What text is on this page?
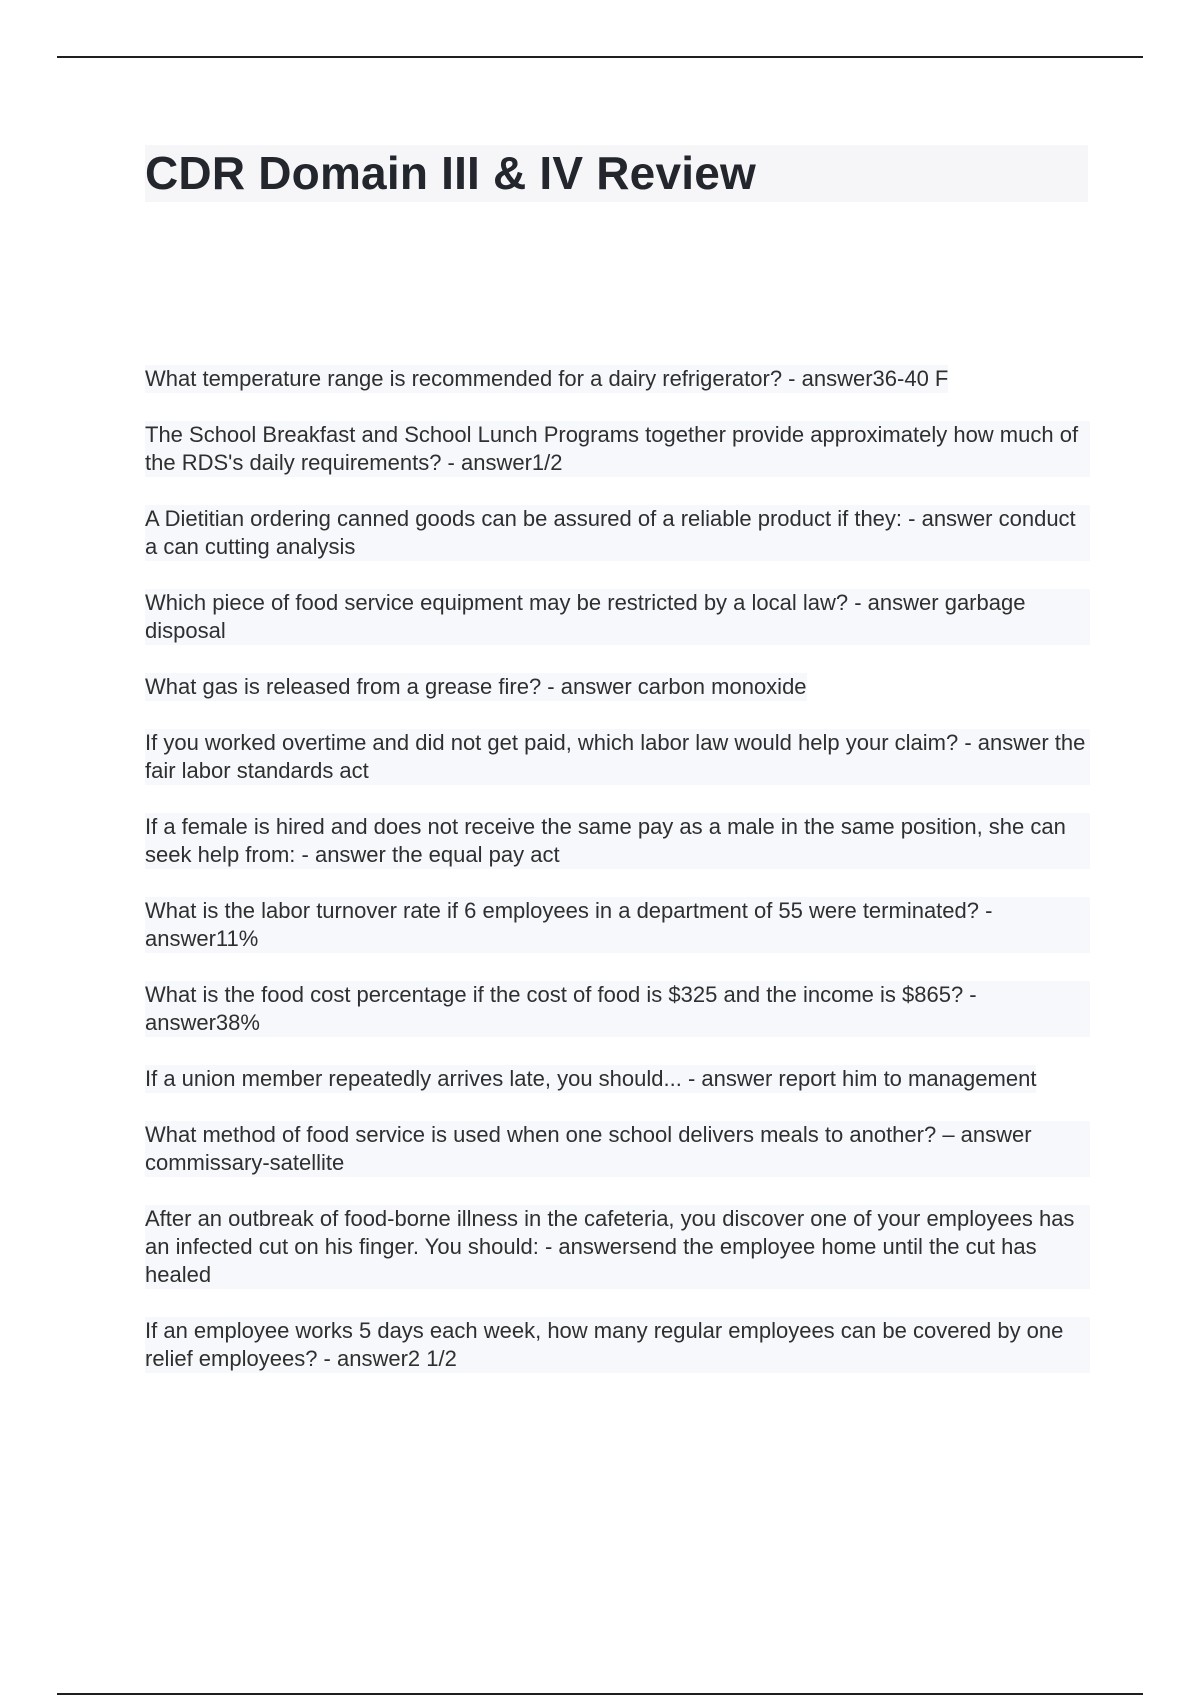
CDR Domain III & IV Review

What temperature range is recommended for a dairy refrigerator? - answer36-40 F

The School Breakfast and School Lunch Programs together provide approximately how much of the RDS's daily requirements? - answer1/2

A Dietitian ordering canned goods can be assured of a reliable product if they: - answer conduct a can cutting analysis

Which piece of food service equipment may be restricted by a local law? - answer garbage disposal

What gas is released from a grease fire? - answer carbon monoxide

If you worked overtime and did not get paid, which labor law would help your claim? - answer the fair labor standards act

If a female is hired and does not receive the same pay as a male in the same position, she can seek help from: - answer the equal pay act

What is the labor turnover rate if 6 employees in a department of 55 were terminated? - answer11%

What is the food cost percentage if the cost of food is $325 and the income is $865? - answer38%

If a union member repeatedly arrives late, you should... - answer report him to management

What method of food service is used when one school delivers meals to another? – answer commissary-satellite

After an outbreak of food-borne illness in the cafeteria, you discover one of your employees has an infected cut on his finger. You should: - answersend the employee home until the cut has healed

If an employee works 5 days each week, how many regular employees can be covered by one relief employees? - answer2 1/2
